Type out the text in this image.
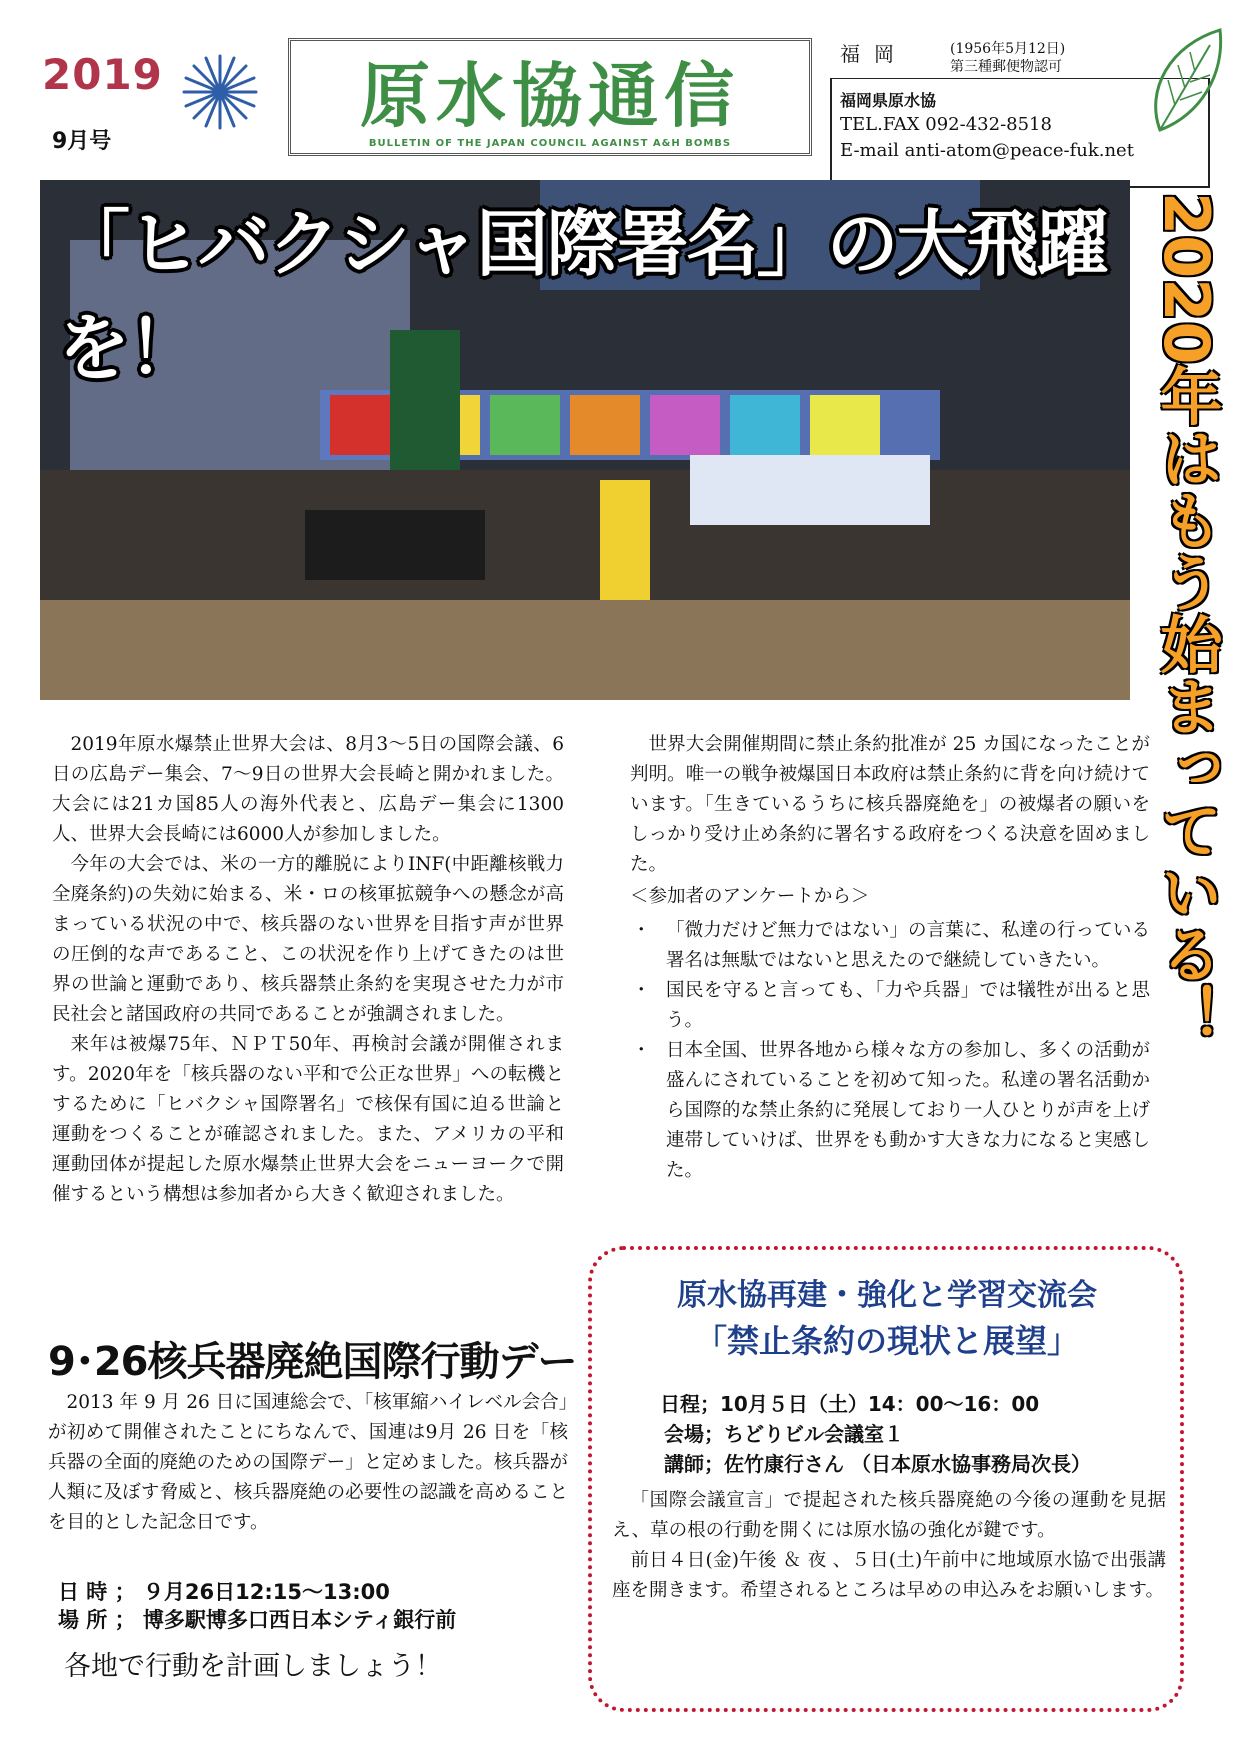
2019
9月号
原水協通信
BULLETIN OF THE JAPAN COUNCIL AGAINST A&H BOMBS
福岡	(1956年5月12日)
第三種郵便物認可
福岡県原水協
TEL.FAX 092-432-8518
E-mail anti-atom@peace-fuk.net
「ヒバクシャ国際署名」の大飛躍を！	2020年はもう始まっている！

2019年原水爆禁止世界大会は、8月3〜5日の国際会議、6日の広島デー集会、7〜9日の世界大会長崎と開かれました。大会には21カ国85人の海外代表と、広島デー集会に1300人、世界大会長崎には6000人が参加しました。

今年の大会では、米の一方的離脱によりINF(中距離核戦力全廃条約)の失効に始まる、米・ロの核軍拡競争への懸念が高まっている状況の中で、核兵器のない世界を目指す声が世界の圧倒的な声であること、この状況を作り上げてきたのは世界の世論と運動であり、核兵器禁止条約を実現させた力が市民社会と諸国政府の共同であることが強調されました。

来年は被爆75年、ＮＰＴ50年、再検討会議が開催されます。2020年を「核兵器のない平和で公正な世界」への転機とするために「ヒバクシャ国際署名」で核保有国に迫る世論と運動をつくることが確認されました。また、アメリカの平和運動団体が提起した原水爆禁止世界大会をニューヨークで開催するという構想は参加者から大きく歓迎されました。

世界大会開催期間に禁止条約批准が 25 カ国になったことが判明。唯一の戦争被爆国日本政府は禁止条約に背を向け続けています。「生きているうちに核兵器廃絶を」の被爆者の願いをしっかり受け止め条約に署名する政府をつくる決意を固めました。

＜参加者のアンケートから＞
・ 「微力だけど無力ではない」の言葉に、私達の行っている署名は無駄ではないと思えたので継続していきたい。
・ 国民を守ると言っても、「力や兵器」では犠牲が出ると思う。
・ 日本全国、世界各地から様々な方の参加し、多くの活動が盛んにされていることを初めて知った。私達の署名活動から国際的な禁止条約に発展しており一人ひとりが声を上げ連帯していけば、世界をも動かす大きな力になると実感した。
9･26核兵器廃絶国際行動デー

2013 年 9 月 26 日に国連総会で、「核軍縮ハイレベル会合」が初めて開催されたことにちなんで、国連は9月 26 日を「核兵器の全面的廃絶のための国際デー」と定めました。核兵器が人類に及ぼす脅威と、核兵器廃絶の必要性の認識を高めることを目的とした記念日です。

日 時 ； ９月26日12:15〜13:00
場 所 ； 博多駅博多口西日本シティ銀行前
各地で行動を計画しましょう！
原水協再建・強化と学習交流会
「禁止条約の現状と展望」
日程；10月５日（土）14：00〜16：00
会場；ちどりビル会議室１
講師；佐竹康行さん （日本原水協事務局次長）

「国際会議宣言」で提起された核兵器廃絶の今後の運動を見据え、草の根の行動を開くには原水協の強化が鍵です。

前日４日(金)午後 ＆ 夜 、５日(土)午前中に地域原水協で出張講座を開きます。希望されるところは早めの申込みをお願いします。
